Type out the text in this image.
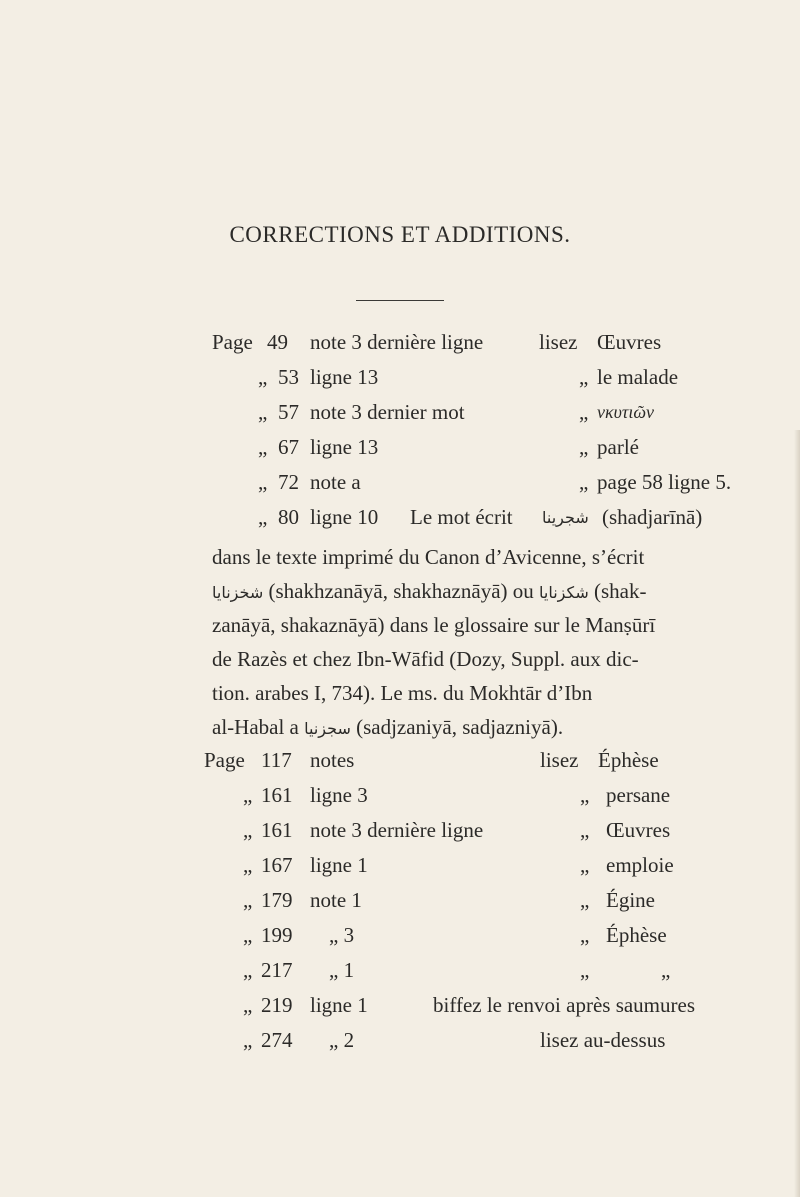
CORRECTIONS ET ADDITIONS.
Page 49 note 3 dernière ligne	lisez Œuvres
„ 53 ligne 13	„ le malade
„ 57 note 3 dernier mot	„ νκυτιῶν
„ 67 ligne 13	„ parlé
„ 72 note a	„ page 58 ligne 5.
„ 80 ligne 10 Le mot écrit شجرينا (shadjarīnā)
dans le texte imprimé du Canon d’Avicenne, s’écrit
شخزنايا (shakhzanāyā, shakhaznāyā) ou شكزنايا (shak-
zanāyā, shakaznāyā) dans le glossaire sur le Manṣūrī
de Razès et chez Ibn-Wāfid (Dozy, Suppl. aux dic-
tion. arabes I, 734). Le ms. du Mokhtār d’Ibn
al-Habal a سجزنيا (sadjzaniyā, sadjazniyā).
Page 117 notes	lisez Éphèse
„ 161 ligne 3	„ persane
„ 161 note 3 dernière ligne	„ Œuvres
„ 167 ligne 1	„ emploie
„ 179 note 1	„ Égine
„ 199 „ 3	„ Éphèse
„ 217 „ 1	„	„
„ 219 ligne 1	biffez le renvoi après saumures
„ 274 „ 2	lisez au-dessus
